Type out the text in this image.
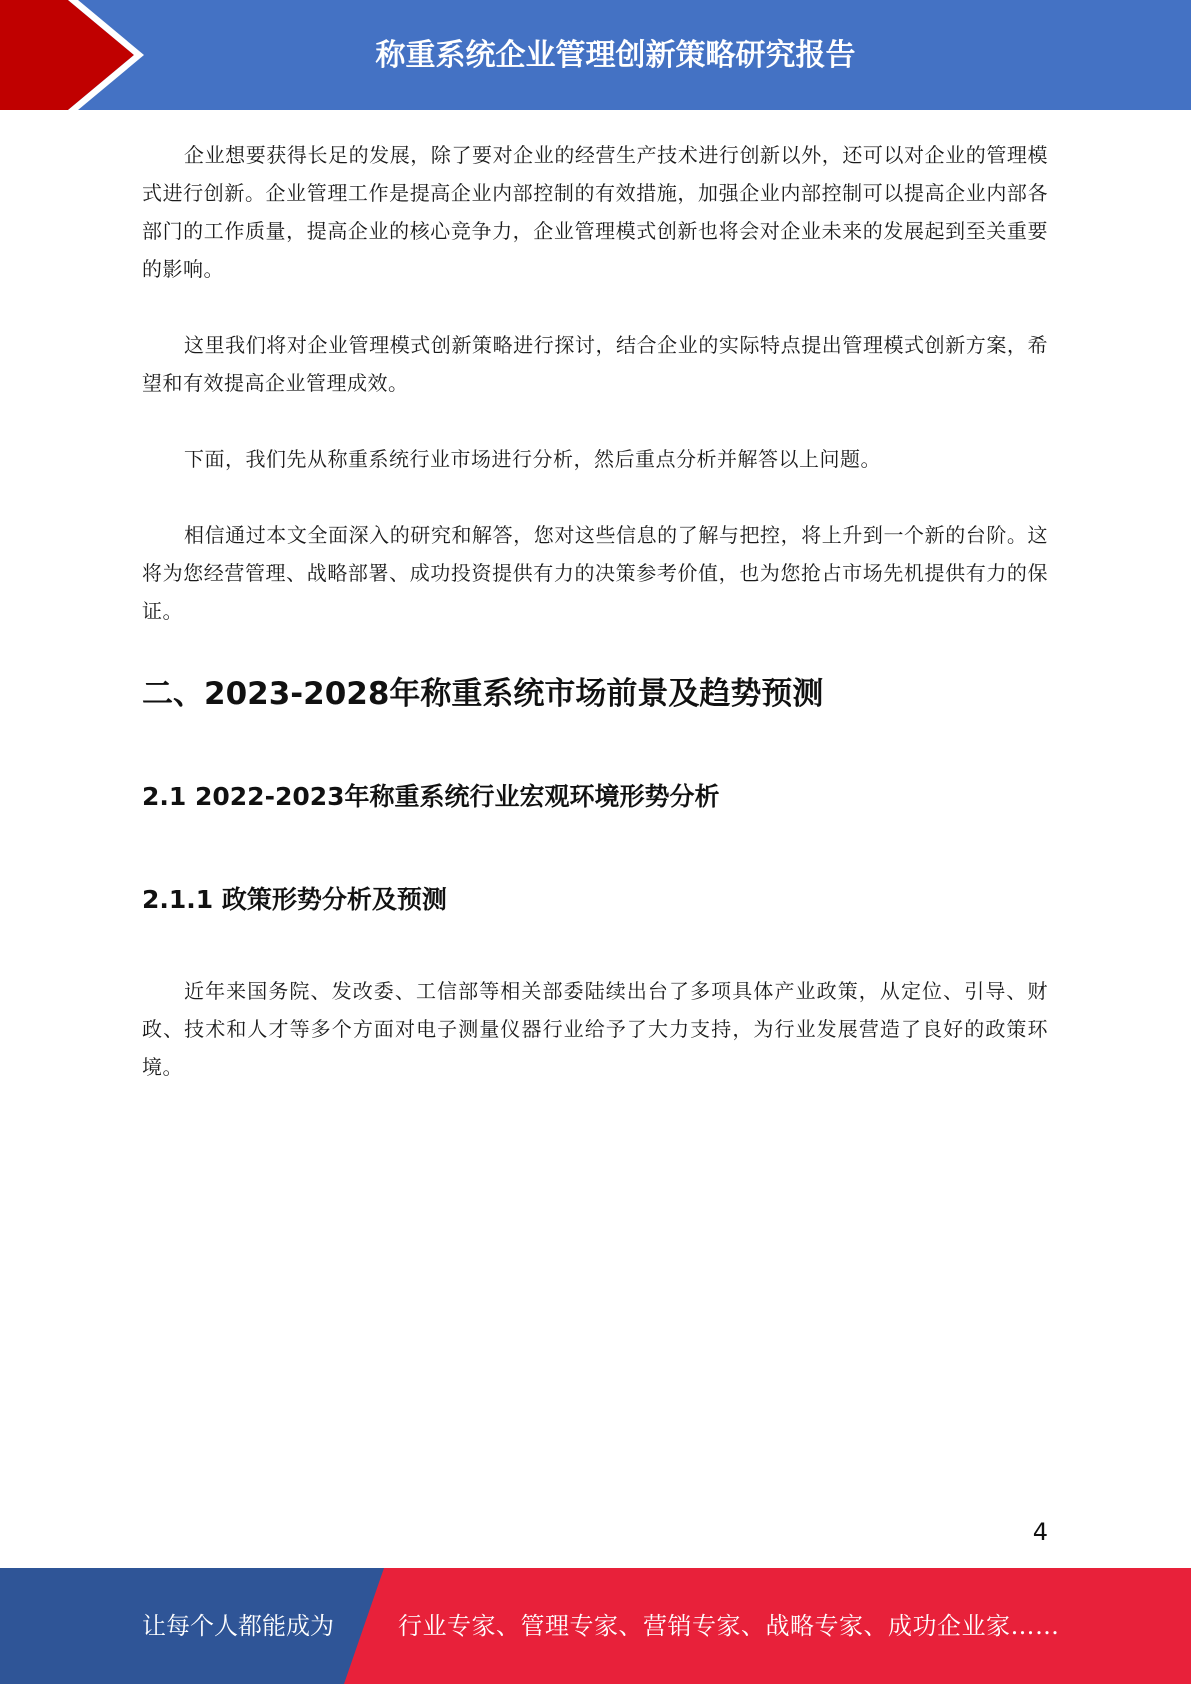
称重系统企业管理创新策略研究报告

企业想要获得长足的发展，除了要对企业的经营生产技术进行创新以外，还可以对企业的管理模式进行创新。企业管理工作是提高企业内部控制的有效措施，加强企业内部控制可以提高企业内部各部门的工作质量，提高企业的核心竞争力，企业管理模式创新也将会对企业未来的发展起到至关重要的影响。

这里我们将对企业管理模式创新策略进行探讨，结合企业的实际特点提出管理模式创新方案，希望和有效提高企业管理成效。

下面，我们先从称重系统行业市场进行分析，然后重点分析并解答以上问题。

相信通过本文全面深入的研究和解答，您对这些信息的了解与把控，将上升到一个新的台阶。这将为您经营管理、战略部署、成功投资提供有力的决策参考价值，也为您抢占市场先机提供有力的保证。

二、2023-2028年称重系统市场前景及趋势预测
2.1 2022-2023年称重系统行业宏观环境形势分析
2.1.1 政策形势分析及预测

近年来国务院、发改委、工信部等相关部委陆续出台了多项具体产业政策，从定位、引导、财政、技术和人才等多个方面对电子测量仪器行业给予了大力支持，为行业发展营造了良好的政策环境。

4
让每个人都能成为	行业专家、管理专家、营销专家、战略专家、成功企业家……
